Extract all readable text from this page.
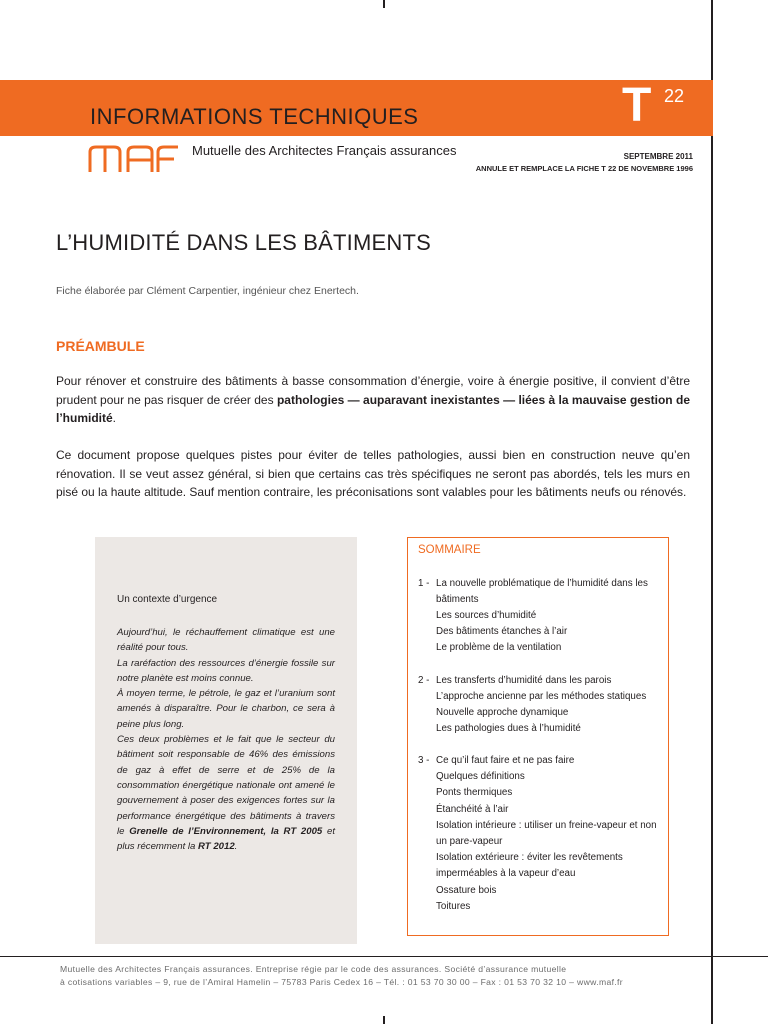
INFORMATIONS TECHNIQUES	T 22
Mutuelle des Architectes Français assurances	SEPTEMBRE 2011
ANNULE ET REMPLACE LA FICHE T 22 DE NOVEMBRE 1996
L’HUMIDITÉ DANS LES BÂTIMENTS
Fiche élaborée par Clément Carpentier, ingénieur chez Enertech.
PRÉAMBULE

Pour rénover et construire des bâtiments à basse consommation d’énergie, voire à énergie positive, il convient d’être prudent pour ne pas risquer de créer des pathologies — auparavant inexistantes — liées à la mauvaise gestion de l’humidité.

Ce document propose quelques pistes pour éviter de telles pathologies, aussi bien en construction neuve qu’en rénovation. Il se veut assez général, si bien que certains cas très spécifiques ne seront pas abordés, tels les murs en pisé ou la haute altitude. Sauf mention contraire, les préconisations sont valables pour les bâtiments neufs ou rénovés.

Un contexte d’urgence
Aujourd’hui, le réchauffement climatique est une réalité pour tous.
La raréfaction des ressources d’énergie fossile sur notre planète est moins connue.
À moyen terme, le pétrole, le gaz et l’uranium sont amenés à disparaître. Pour le charbon, ce sera à peine plus long.
Ces deux problèmes et le fait que le secteur du bâtiment soit responsable de 46% des émissions de gaz à effet de serre et de 25% de la consommation énergétique nationale ont amené le gouvernement à poser des exigences fortes sur la performance énergétique des bâtiments à travers le Grenelle de l’Environnement, la RT 2005 et plus récemment la RT 2012.
SOMMAIRE
1 - La nouvelle problématique de l’humidité dans les bâtiments
Les sources d’humidité
Des bâtiments étanches à l’air
Le problème de la ventilation
2 - Les transferts d’humidité dans les parois
L’approche ancienne par les méthodes statiques
Nouvelle approche dynamique
Les pathologies dues à l’humidité
3 - Ce qu’il faut faire et ne pas faire
Quelques définitions
Ponts thermiques
Étanchéité à l’air
Isolation intérieure : utiliser un freine-vapeur et non un pare-vapeur
Isolation extérieure : éviter les revêtements imperméables à la vapeur d’eau
Ossature bois
Toitures
Mutuelle des Architectes Français assurances. Entreprise régie par le code des assurances. Société d’assurance mutuelle
à cotisations variables – 9, rue de l’Amiral Hamelin – 75783 Paris Cedex 16 – Tél. : 01 53 70 30 00 – Fax : 01 53 70 32 10 – www.maf.fr
